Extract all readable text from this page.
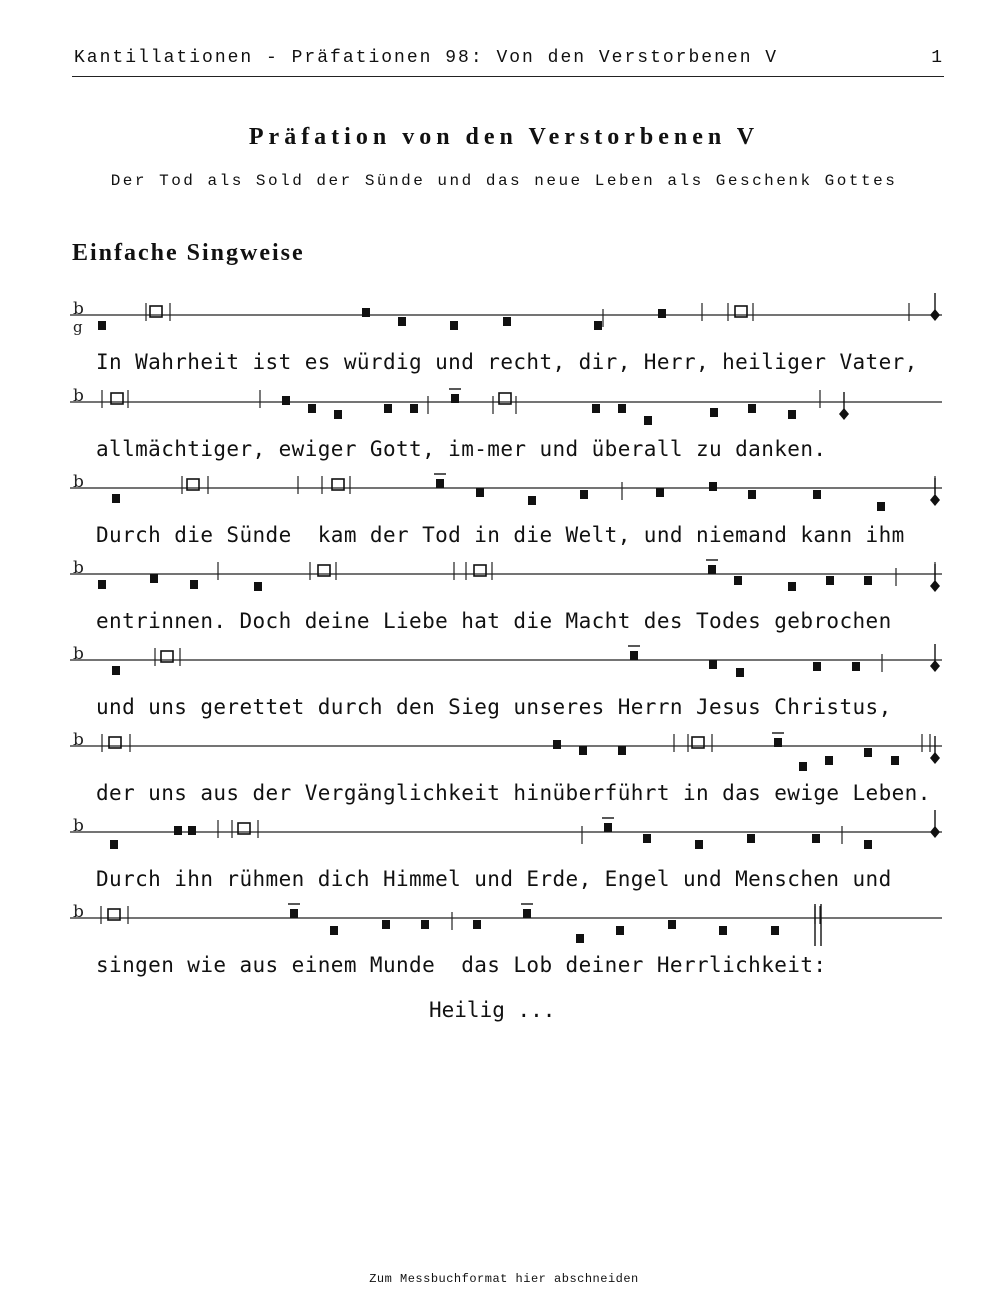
Kantillationen - Präfationen 98: Von den Verstorbenen V	1
Präfation von den Verstorbenen V
Der Tod als Sold der Sünde und das neue Leben als Geschenk Gottes
Einfache Singweise
b
g
b
b
b
b
b
b
b
In Wahrheit ist es würdig und recht, dir, Herr, heiliger Vater,
allmächtiger, ewiger Gott, im-mer und überall zu danken.
Durch die Sünde  kam der Tod in die Welt, und niemand kann ihm
entrinnen. Doch deine Liebe hat die Macht des Todes gebrochen
und uns gerettet durch den Sieg unseres Herrn Jesus Christus,
der uns aus der Vergänglichkeit hinüberführt in das ewige Leben.
Durch ihn rühmen dich Himmel und Erde, Engel und Menschen und
singen wie aus einem Munde  das Lob deiner Herrlichkeit:
Heilig ...
Zum Messbuchformat hier abschneiden
